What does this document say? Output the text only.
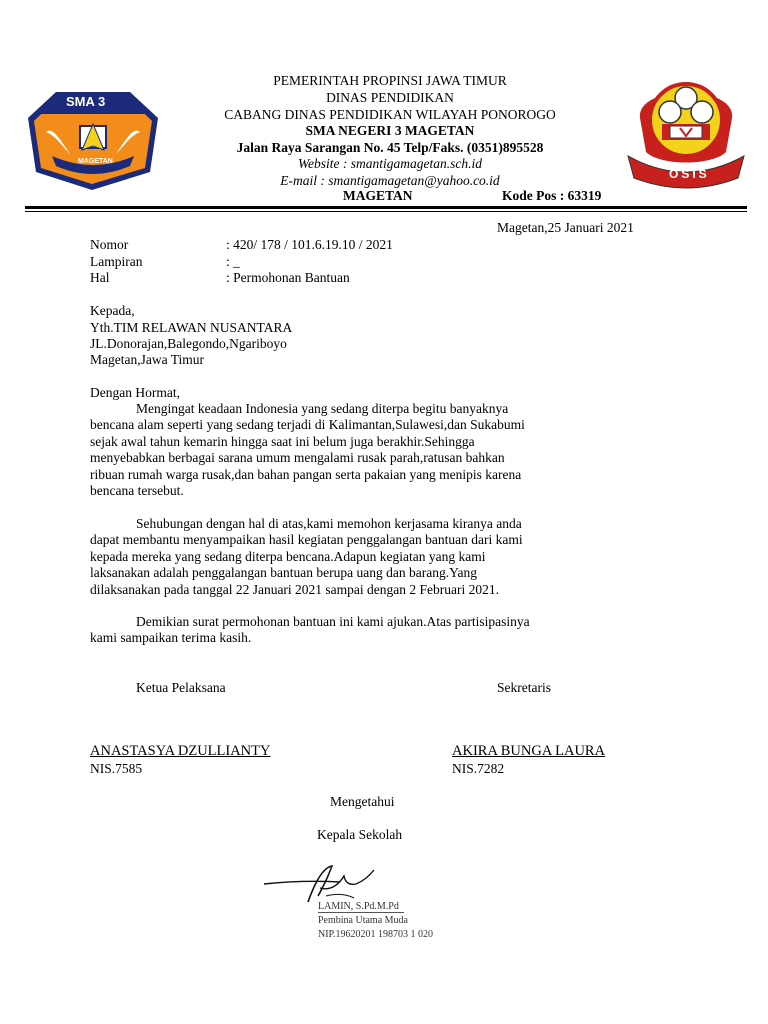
SMA 3
MAGETAN
OSIS
PEMERINTAH PROPINSI JAWA TIMUR
DINAS PENDIDIKAN
CABANG DINAS PENDIDIKAN WILAYAH PONOROGO
SMA NEGERI 3 MAGETAN
Jalan Raya Sarangan No. 45 Telp/Faks. (0351)895528
Website : smantigamagetan.sch.id
E-mail : smantigamagetan@yahoo.co.id
MAGETAN	Kode Pos : 63319
Magetan,25 Januari 2021
Nomor	: 420/ 178 / 101.6.19.10 / 2021
Lampiran	: _
Hal	: Permohonan Bantuan
Kepada,
Yth.TIM RELAWAN NUSANTARA
JL.Donorajan,Balegondo,Ngariboyo
Magetan,Jawa Timur
Dengan Hormat,
Mengingat keadaan Indonesia yang sedang diterpa begitu banyaknya
bencana alam seperti yang sedang terjadi di Kalimantan,Sulawesi,dan Sukabumi
sejak awal tahun kemarin hingga saat ini belum juga berakhir.Sehingga
menyebabkan berbagai sarana umum mengalami rusak parah,ratusan bahkan
ribuan rumah warga rusak,dan bahan pangan serta pakaian yang menipis karena
bencana tersebut.
Sehubungan dengan hal di atas,kami memohon kerjasama kiranya anda
dapat membantu menyampaikan hasil kegiatan penggalangan bantuan dari kami
kepada mereka yang sedang diterpa bencana.Adapun kegiatan yang kami
laksanakan adalah penggalangan bantuan berupa uang dan barang.Yang
dilaksanakan pada tanggal 22 Januari 2021 sampai dengan 2 Februari 2021.
Demikian surat permohonan bantuan ini kami ajukan.Atas partisipasinya
kami sampaikan terima kasih.
Ketua Pelaksana	Sekretaris
ANASTASYA DZULLIANTY
NIS.7585
AKIRA BUNGA LAURA
NIS.7282
Mengetahui
Kepala Sekolah
LAMIN, S.Pd.M.Pd
Pembina Utama Muda
NIP.19620201 198703 1 020
